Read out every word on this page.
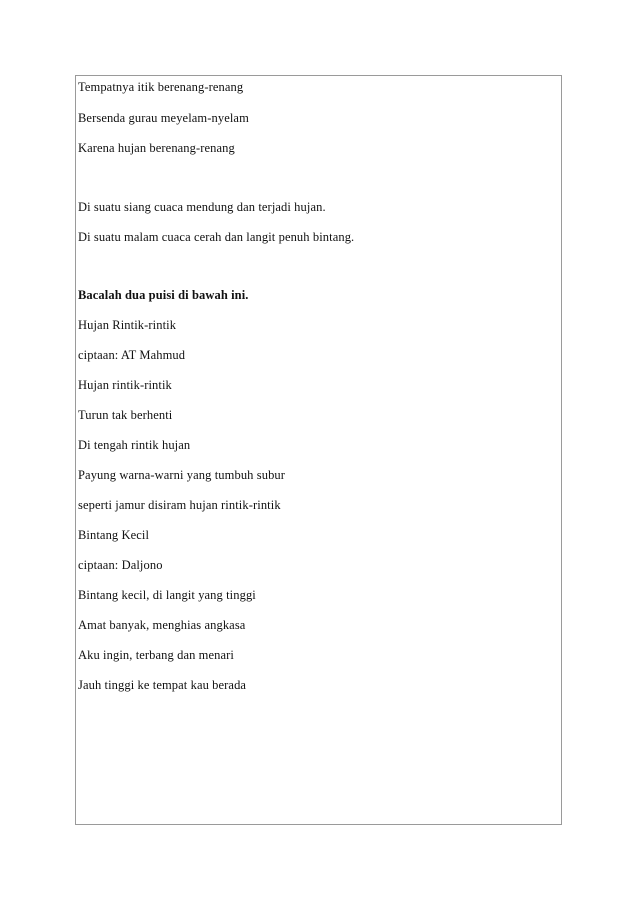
Tempatnya itik berenang-renang
Bersenda gurau meyelam-nyelam
Karena hujan berenang-renang
Di suatu siang cuaca mendung dan terjadi hujan.
Di suatu malam cuaca cerah dan langit penuh bintang.
Bacalah dua puisi di bawah ini.
Hujan Rintik-rintik
ciptaan: AT Mahmud
Hujan rintik-rintik
Turun tak berhenti
Di tengah rintik hujan
Payung warna-warni yang tumbuh subur
seperti jamur disiram hujan rintik-rintik
Bintang Kecil
ciptaan: Daljono
Bintang kecil, di langit yang tinggi
Amat banyak, menghias angkasa
Aku ingin, terbang dan menari
Jauh tinggi ke tempat kau berada
